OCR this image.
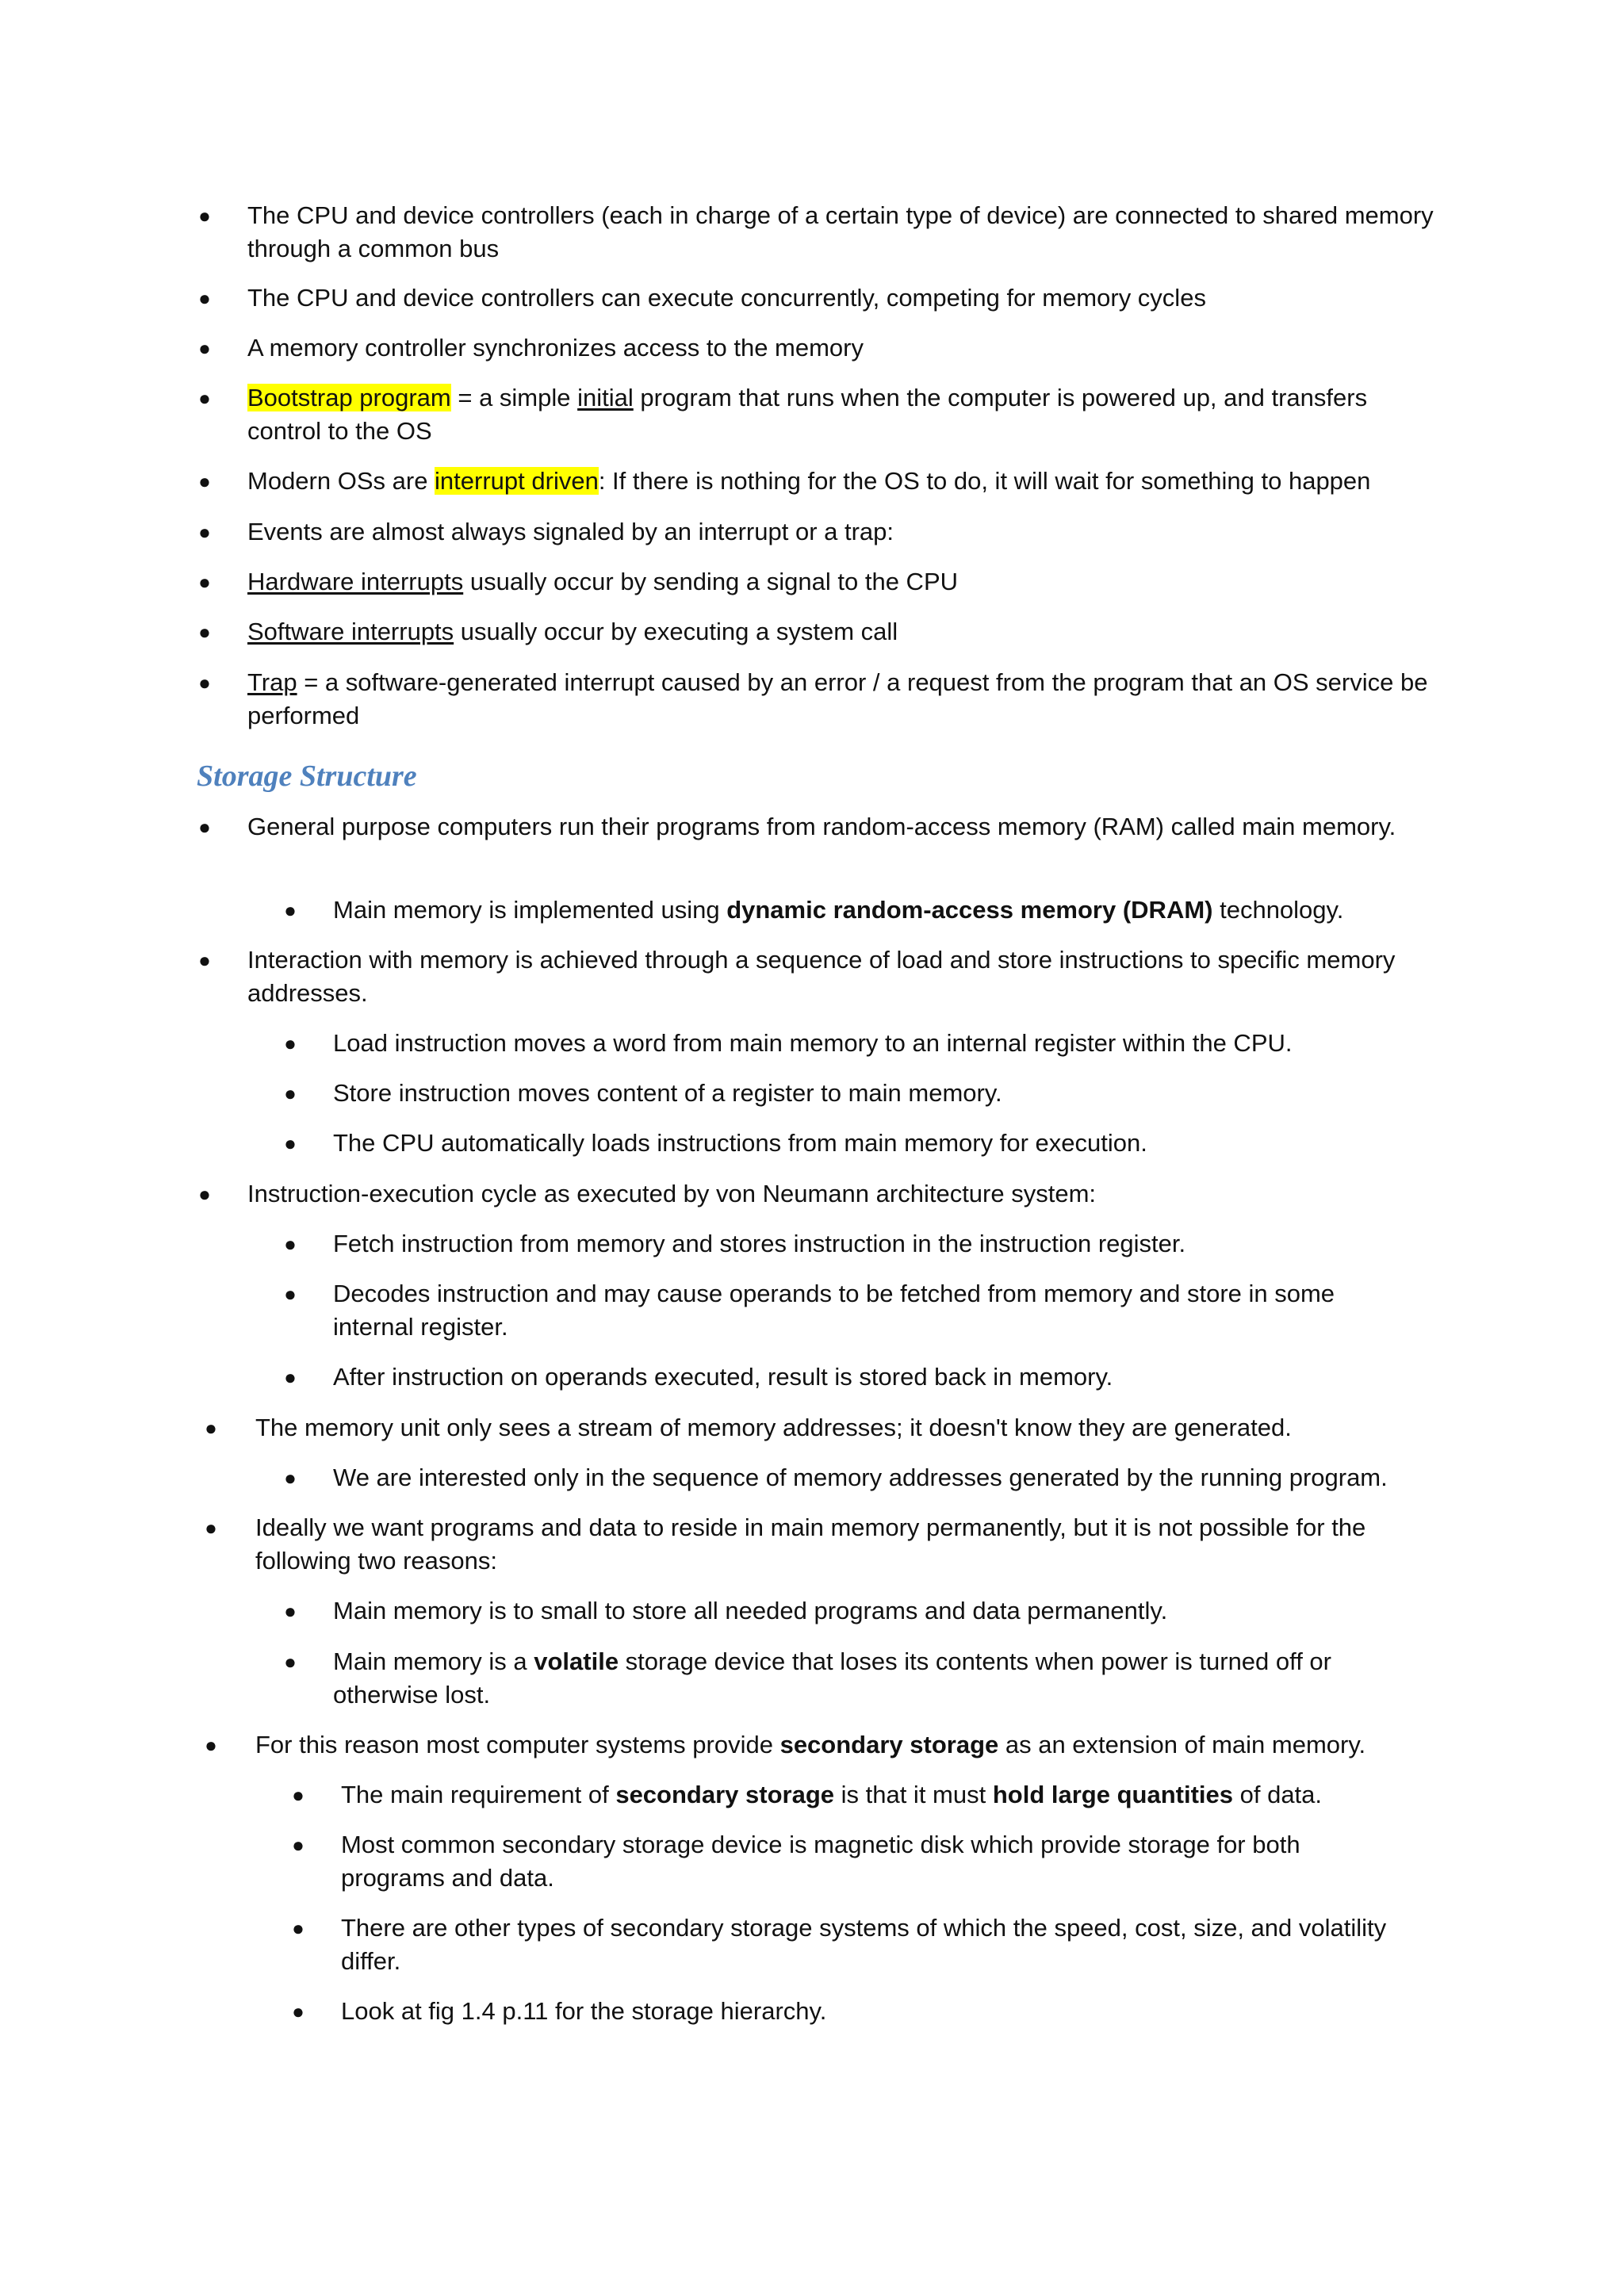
● The CPU and device controllers (each in charge of a certain type of device) are connected to shared memory through a common bus
● The CPU and device controllers can execute concurrently, competing for memory cycles
● A memory controller synchronizes access to the memory
● Bootstrap program = a simple initial program that runs when the computer is powered up, and transfers control to the OS
● Modern OSs are interrupt driven: If there is nothing for the OS to do, it will wait for something to happen
● Events are almost always signaled by an interrupt or a trap:
● Hardware interrupts usually occur by sending a signal to the CPU
● Software interrupts usually occur by executing a system call
● Trap = a software-generated interrupt caused by an error / a request from the program that an OS service be performed
Storage Structure
● General purpose computers run their programs from random-access memory (RAM) called main memory.
● Main memory is implemented using dynamic random-access memory (DRAM) technology.
● Interaction with memory is achieved through a sequence of load and store instructions to specific memory addresses.
● Load instruction moves a word from main memory to an internal register within the CPU.
● Store instruction moves content of a register to main memory.
● The CPU automatically loads instructions from main memory for execution.
● Instruction-execution cycle as executed by von Neumann architecture system:
● Fetch instruction from memory and stores instruction in the instruction register.
● Decodes instruction and may cause operands to be fetched from memory and store in some internal register.
● After instruction on operands executed, result is stored back in memory.
● The memory unit only sees a stream of memory addresses; it doesn't know they are generated.
● We are interested only in the sequence of memory addresses generated by the running program.
● Ideally we want programs and data to reside in main memory permanently, but it is not possible for the following two reasons:
● Main memory is to small to store all needed programs and data permanently.
● Main memory is a volatile storage device that loses its contents when power is turned off or otherwise lost.
● For this reason most computer systems provide secondary storage as an extension of main memory.
● The main requirement of secondary storage is that it must hold large quantities of data.
● Most common secondary storage device is magnetic disk which provide storage for both programs and data.
● There are other types of secondary storage systems of which the speed, cost, size, and volatility differ.
● Look at fig 1.4 p.11 for the storage hierarchy.
